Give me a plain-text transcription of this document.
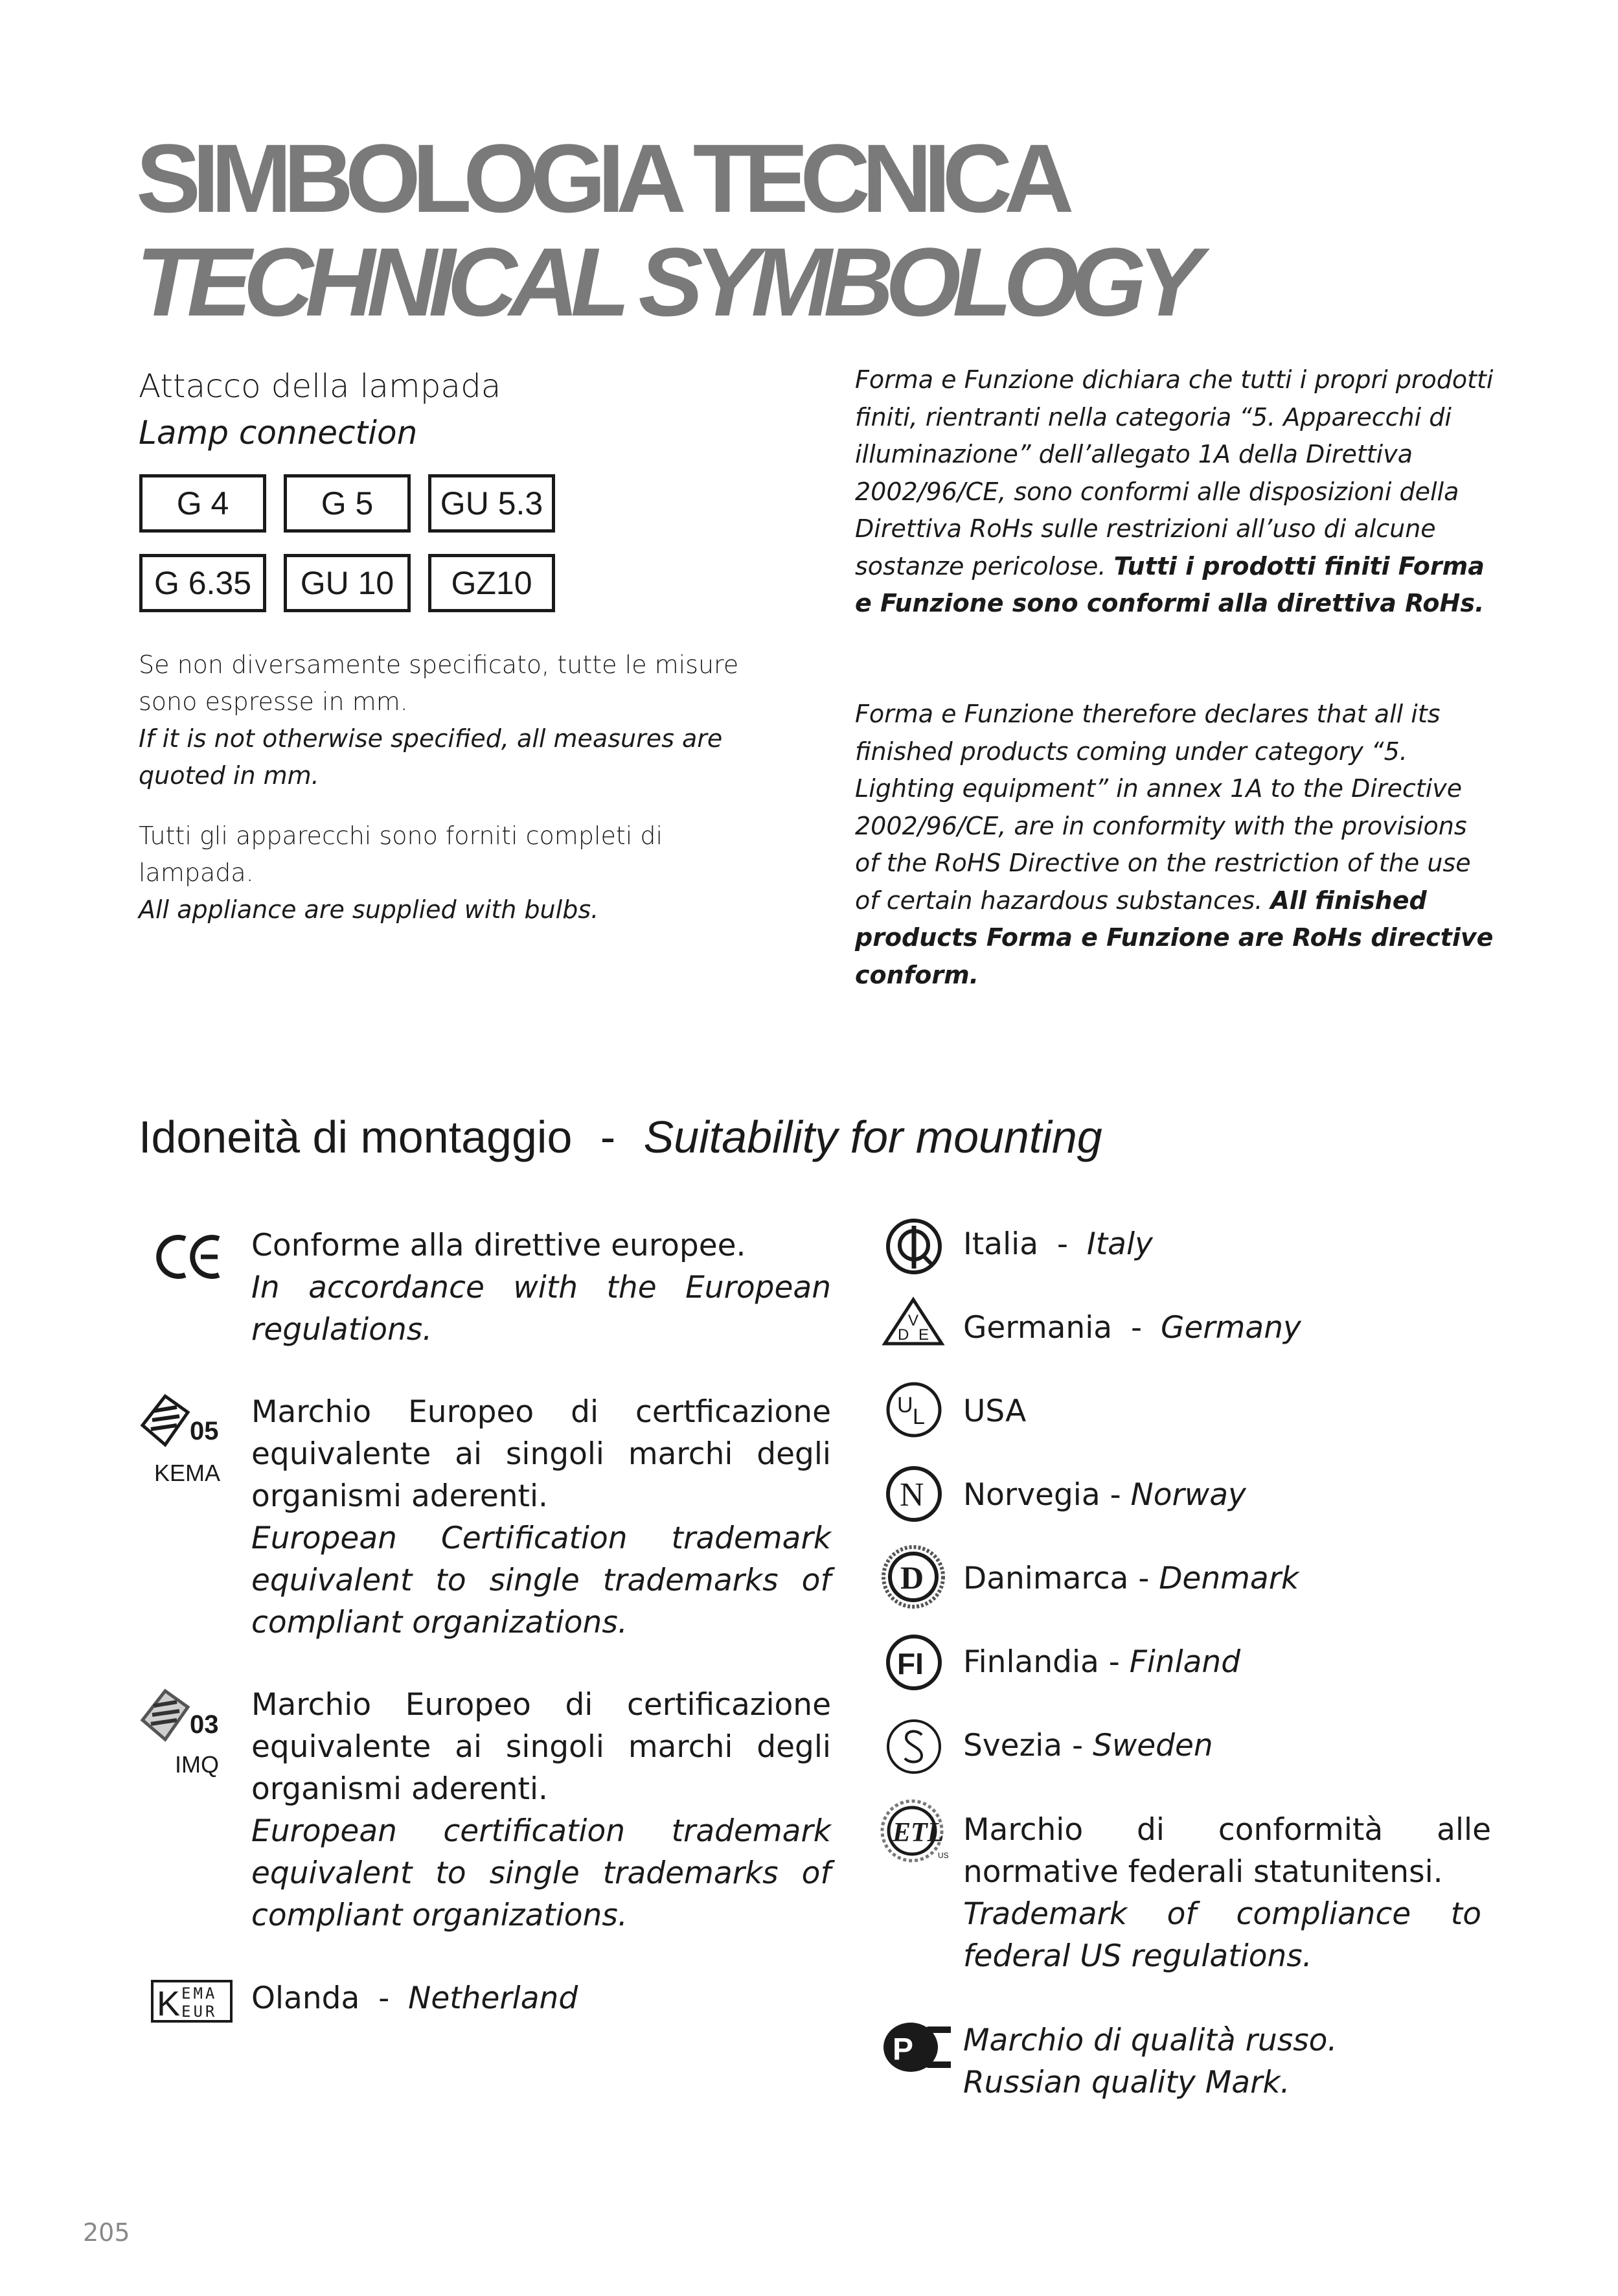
SIMBOLOGIA TECNICA
TECHNICAL SYMBOLOGY
Attacco della lampada
Lamp connection
G 4	G 5	GU 5.3
G 6.35	GU 10	GZ10
Se non diversamente specificato, tutte le misure sono espresse in mm.
If it is not otherwise specified, all measures are quoted in mm.
Tutti gli apparecchi sono forniti completi di lampada.
All appliance are supplied with bulbs.
Forma e Funzione dichiara che tutti i propri prodotti finiti, rientranti nella categoria “5. Apparecchi di illuminazione” dell’allegato 1A della Direttiva 2002/96/CE, sono conformi alle disposizioni della Direttiva RoHs sulle restrizioni all’uso di alcune sostanze pericolose. Tutti i prodotti finiti Forma e Funzione sono conformi alla direttiva RoHs.
Forma e Funzione therefore declares that all its finished products coming under category “5. Lighting equipment” in annex 1A to the Directive 2002/96/CE, are in conformity with the provisions of the RoHS Directive on the restriction of the use of certain hazardous substances. All finished products Forma e Funzione are RoHs directive conform.
Idoneità di montaggio - Suitability for mounting
05
KEMA
03
IMQ
K EMA
EUR
Conforme alla direttive europee.
In accordance with the European regulations.
Marchio Europeo di certficazione equivalente ai singoli marchi degli organismi aderenti.
European Certification trademark equivalent to single trademarks of compliant organizations.
Marchio Europeo di certificazione equivalente ai singoli marchi degli organismi aderenti.
European certification trademark equivalent to single trademarks of compliant organizations.
Olanda - Netherland
V
D E
U L
N
D
FI
ETL
US
P
Italia - Italy
Germania - Germany
USA
Norvegia - Norway
Danimarca - Denmark
Finlandia - Finland
Svezia - Sweden
Marchio di conformità alle normative federali statunitensi.
Trademark of compliance to federal US regulations.
Marchio di qualità russo.
Russian quality Mark.
205
